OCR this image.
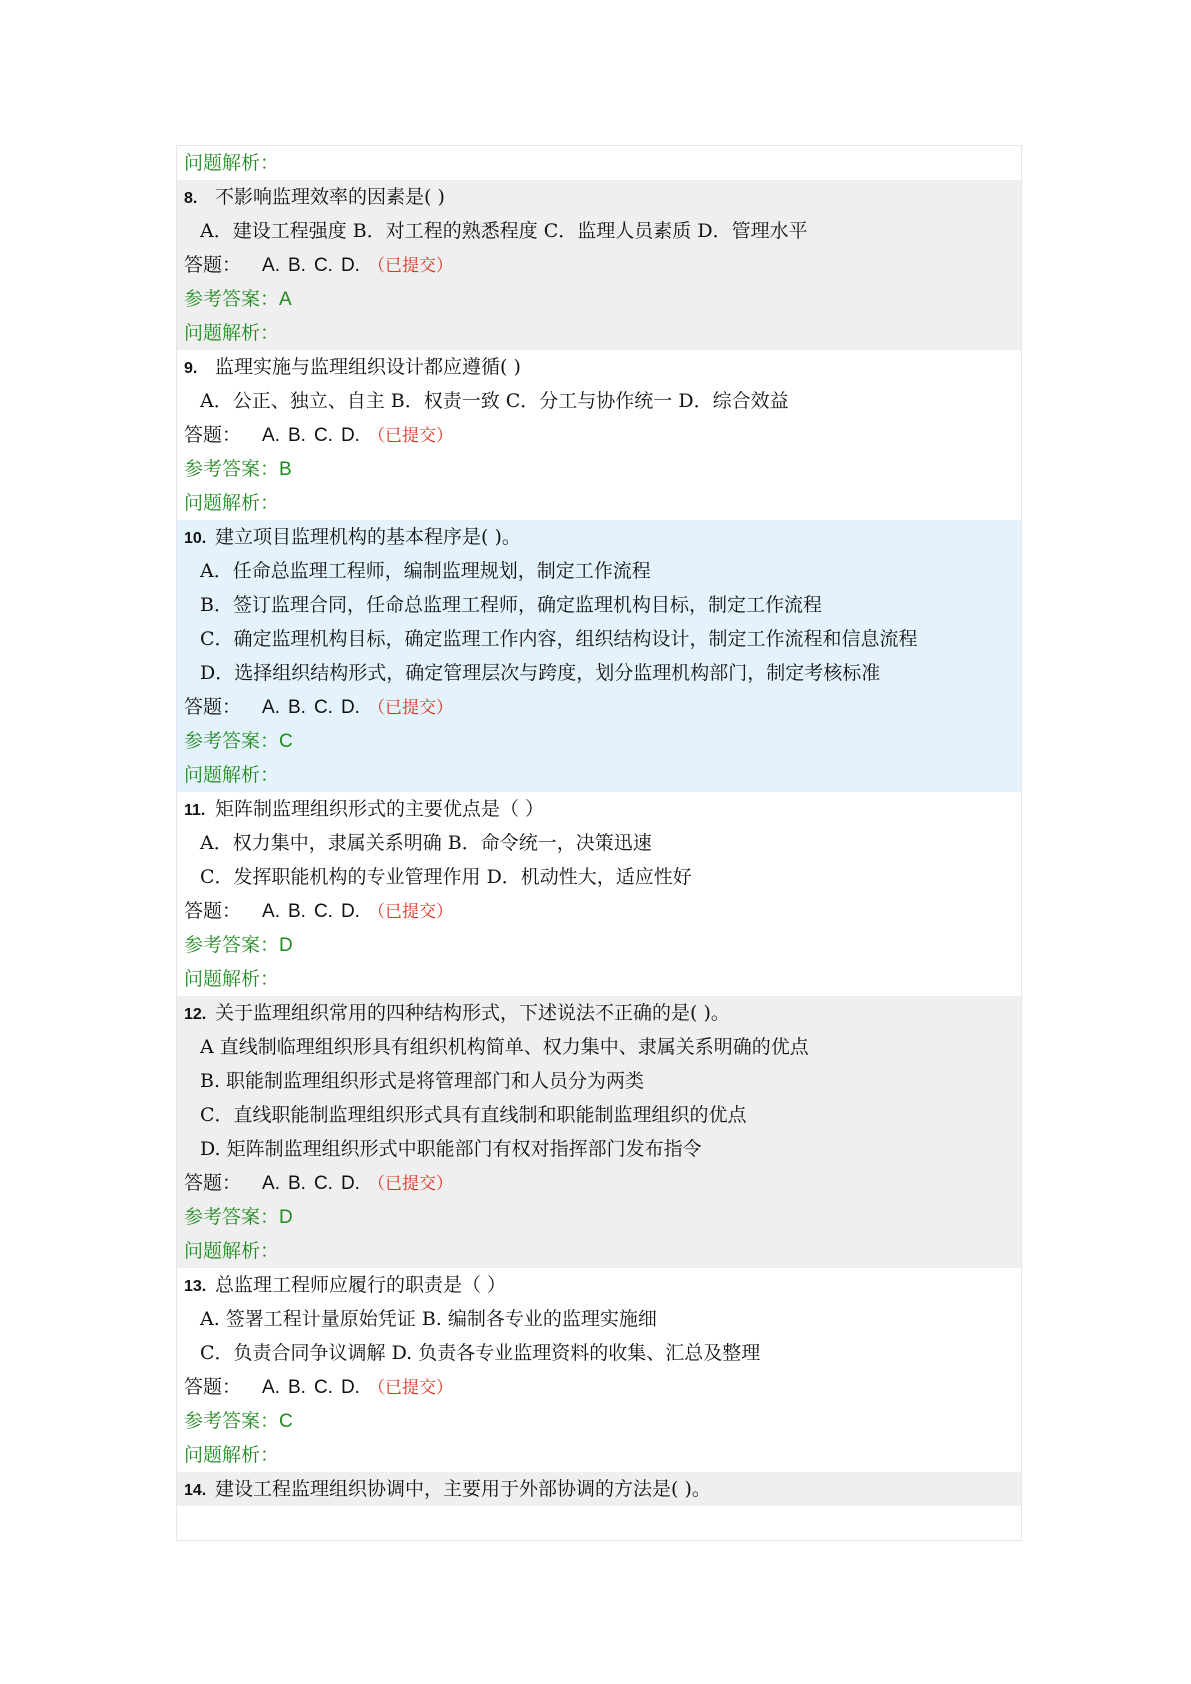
问题解析：
8. 不影响监理效率的因素是( )
A．建设工程强度 B．对工程的熟悉程度 C．监理人员素质 D．管理水平
答题： A. B. C. D. （已提交）
参考答案：A
问题解析：
9. 监理实施与监理组织设计都应遵循( )
A．公正、独立、自主 B．权责一致 C．分工与协作统一 D．综合效益
答题： A. B. C. D. （已提交）
参考答案：B
问题解析：
10. 建立项目监理机构的基本程序是( )。
A．任命总监理工程师，编制监理规划，制定工作流程
B．签订监理合同，任命总监理工程师，确定监理机构目标，制定工作流程
C．确定监理机构目标，确定监理工作内容，组织结构设计，制定工作流程和信息流程
D．选择组织结构形式，确定管理层次与跨度，划分监理机构部门，制定考核标准
答题： A. B. C. D. （已提交）
参考答案：C
问题解析：
11. 矩阵制监理组织形式的主要优点是（ ）
A．权力集中，隶属关系明确 B．命令统一，决策迅速
C．发挥职能机构的专业管理作用 D．机动性大，适应性好
答题： A. B. C. D. （已提交）
参考答案：D
问题解析：
12. 关于监理组织常用的四种结构形式，下述说法不正确的是( )。
A 直线制临理组织形具有组织机构简单、权力集中、隶属关系明确的优点
B. 职能制监理组织形式是将管理部门和人员分为两类
C．直线职能制监理组织形式具有直线制和职能制监理组织的优点
D. 矩阵制监理组织形式中职能部门有权对指挥部门发布指令
答题： A. B. C. D. （已提交）
参考答案：D
问题解析：
13. 总监理工程师应履行的职责是（ ）
A. 签署工程计量原始凭证 B. 编制各专业的监理实施细
C．负责合同争议调解 D. 负责各专业监理资料的收集、汇总及整理
答题： A. B. C. D. （已提交）
参考答案：C
问题解析：
14. 建设工程监理组织协调中，主要用于外部协调的方法是( )。
